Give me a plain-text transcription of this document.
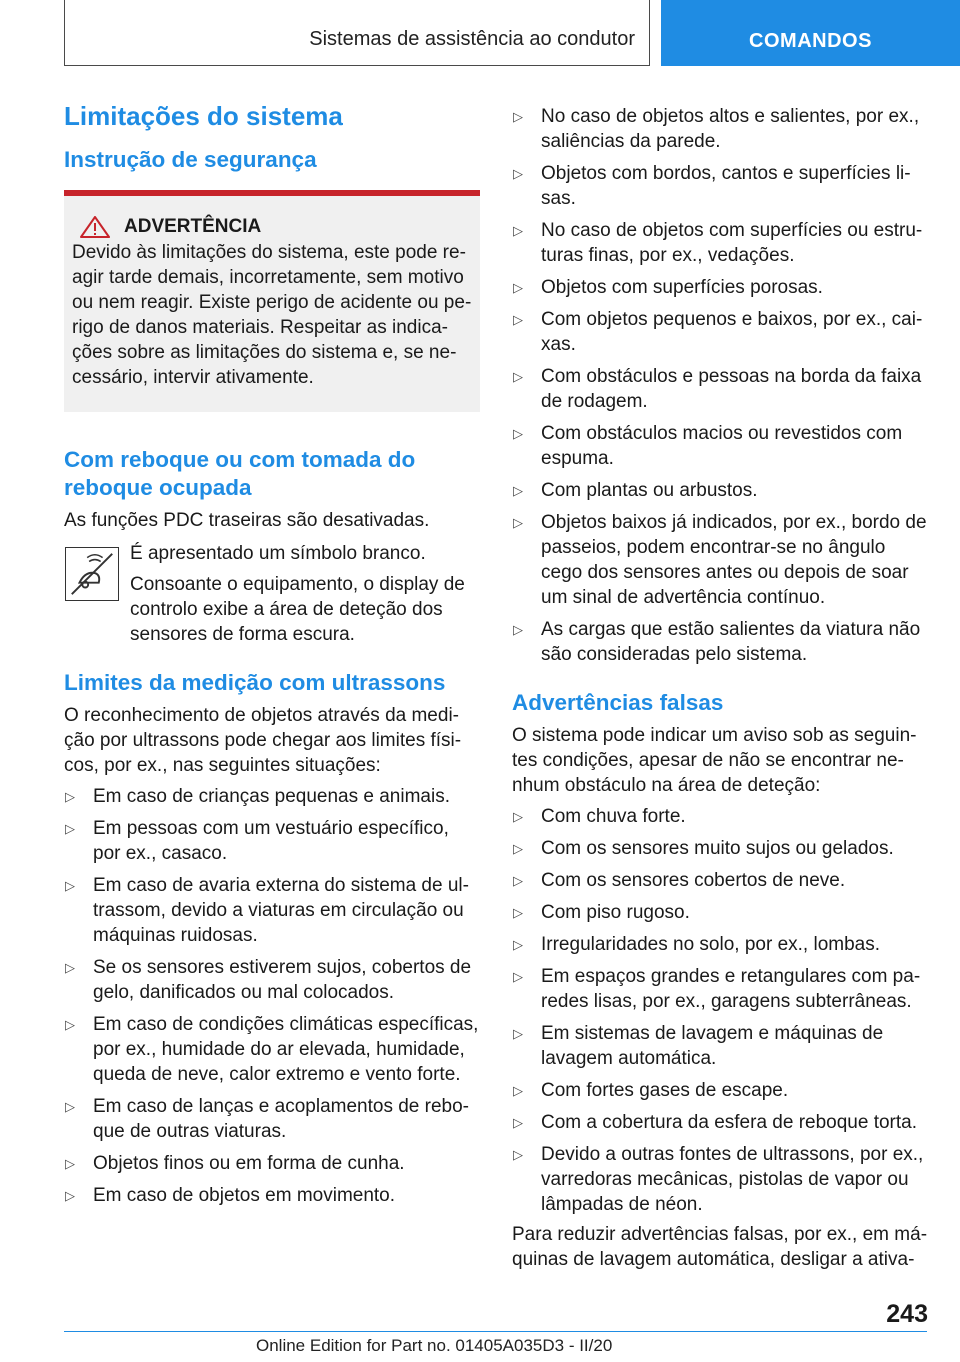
Sistemas de assistência ao condutor	COMANDOS
Limitações do sistema
Instrução de segurança
ADVERTÊNCIA
Devido às limitações do sistema, este pode reagir tarde demais, incorretamente, sem motivo ou nem reagir. Existe perigo de acidente ou perigo de danos materiais. Respeitar as indicações sobre as limitações do sistema e, se necessário, intervir ativamente.
Com reboque ou com tomada do reboque ocupada
As funções PDC traseiras são desativadas.
É apresentado um símbolo branco.
Consoante o equipamento, o display de controlo exibe a área de deteção dos sensores de forma escura.
Limites da medição com ultrassons
O reconhecimento de objetos através da medição por ultrassons pode chegar aos limites físicos, por ex., nas seguintes situações:
▷ Em caso de crianças pequenas e animais.
▷ Em pessoas com um vestuário específico, por ex., casaco.
▷ Em caso de avaria externa do sistema de ultrassom, devido a viaturas em circulação ou máquinas ruidosas.
▷ Se os sensores estiverem sujos, cobertos de gelo, danificados ou mal colocados.
▷ Em caso de condições climáticas específicas, por ex., humidade do ar elevada, humidade, queda de neve, calor extremo e vento forte.
▷ Em caso de lanças e acoplamentos de reboque de outras viaturas.
▷ Objetos finos ou em forma de cunha.
▷ Em caso de objetos em movimento.
▷ No caso de objetos altos e salientes, por ex., saliências da parede.
▷ Objetos com bordos, cantos e superfícies lisas.
▷ No caso de objetos com superfícies ou estruturas finas, por ex., vedações.
▷ Objetos com superfícies porosas.
▷ Com objetos pequenos e baixos, por ex., caixas.
▷ Com obstáculos e pessoas na borda da faixa de rodagem.
▷ Com obstáculos macios ou revestidos com espuma.
▷ Com plantas ou arbustos.
▷ Objetos baixos já indicados, por ex., bordo de passeios, podem encontrar-se no ângulo cego dos sensores antes ou depois de soar um sinal de advertência contínuo.
▷ As cargas que estão salientes da viatura não são consideradas pelo sistema.
Advertências falsas
O sistema pode indicar um aviso sob as seguintes condições, apesar de não se encontrar nenhum obstáculo na área de deteção:
▷ Com chuva forte.
▷ Com os sensores muito sujos ou gelados.
▷ Com os sensores cobertos de neve.
▷ Com piso rugoso.
▷ Irregularidades no solo, por ex., lombas.
▷ Em espaços grandes e retangulares com paredes lisas, por ex., garagens subterrâneas.
▷ Em sistemas de lavagem e máquinas de lavagem automática.
▷ Com fortes gases de escape.
▷ Com a cobertura da esfera de reboque torta.
▷ Devido a outras fontes de ultrassons, por ex., varredoras mecânicas, pistolas de vapor ou lâmpadas de néon.
Para reduzir advertências falsas, por ex., em máquinas de lavagem automática, desligar a ativa-
243
Online Edition for Part no. 01405A035D3 - II/20
